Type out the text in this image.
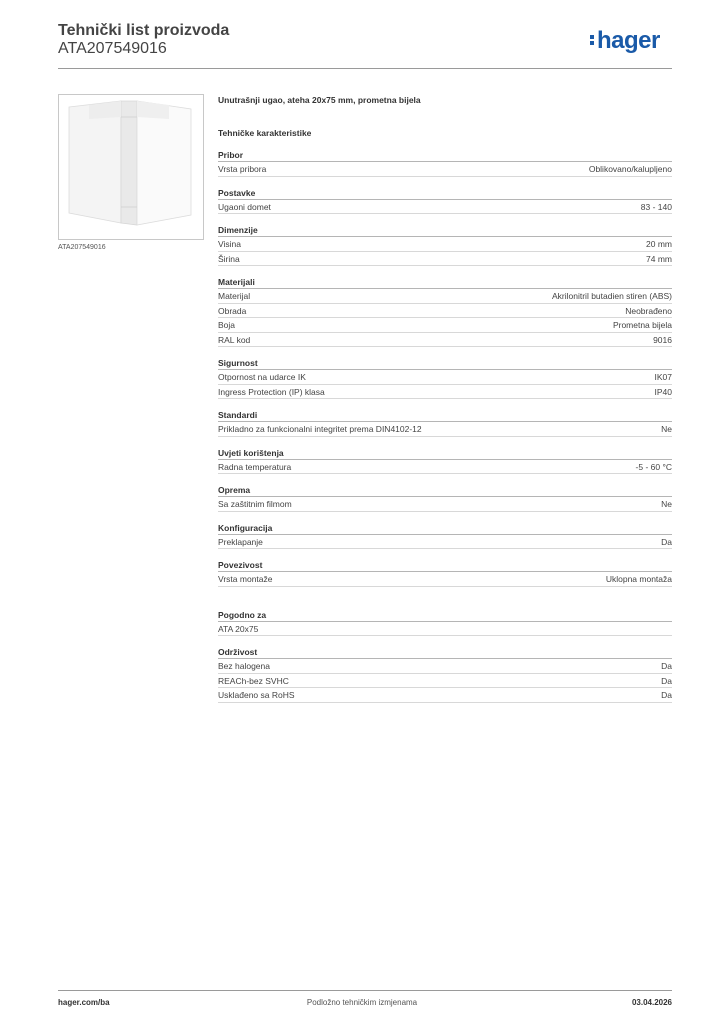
Tehnički list proizvoda
ATA207549016	hager
ATA207549016
Unutrašnji ugao, ateha 20x75 mm, prometna bijela
Tehničke karakteristike
Pribor
Vrsta pribora	Oblikovano/kalupljeno
Postavke
Ugaoni domet	83 - 140
Dimenzije
Visina	20 mm
Širina	74 mm
Materijali
Materijal	Akrilonitril butadien stiren (ABS)
Obrada	Neobrađeno
Boja	Prometna bijela
RAL kod	9016
Sigurnost
Otpornost na udarce IK	IK07
Ingress Protection (IP) klasa	IP40
Standardi
Prikladno za funkcionalni integritet prema DIN4102-12	Ne
Uvjeti korištenja
Radna temperatura	-5 - 60 °C
Oprema
Sa zaštitnim filmom	Ne
Konfiguracija
Preklapanje	Da
Povezivost
Vrsta montaže	Uklopna montaža
Pogodno za
ATA 20x75
Održivost
Bez halogena	Da
REACh-bez SVHC	Da
Usklađeno sa RoHS	Da
hager.com/ba	Podložno tehničkim izmjenama	03.04.2026
